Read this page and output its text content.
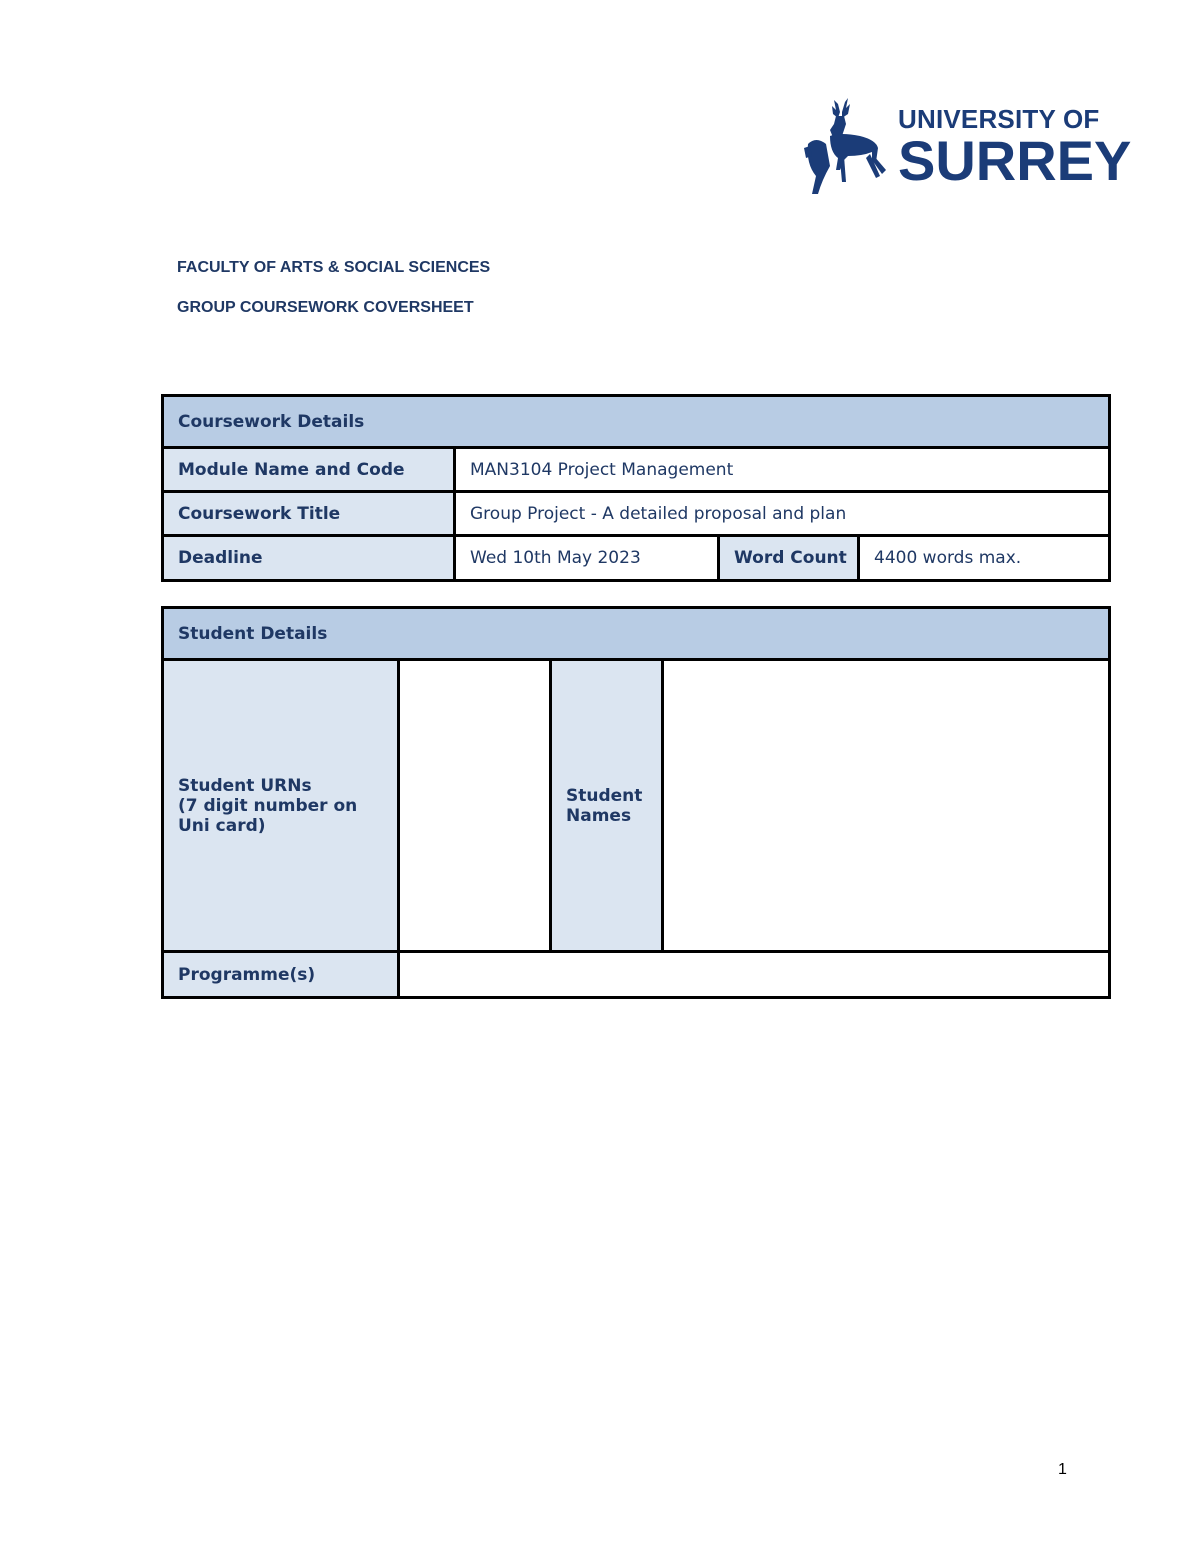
UNIVERSITY OF
SURREY
FACULTY OF ARTS & SOCIAL SCIENCES
GROUP COURSEWORK COVERSHEET
Coursework Details			
Module Name and Code	MAN3104 Project Management		
Coursework Title	Group Project - A detailed proposal and plan		
Deadline	Wed 10th May 2023	Word Count	4400 words max.
Student Details			

Student URNs
(7 digit number on Uni card)		Student Names	
Programme(s)			
1
